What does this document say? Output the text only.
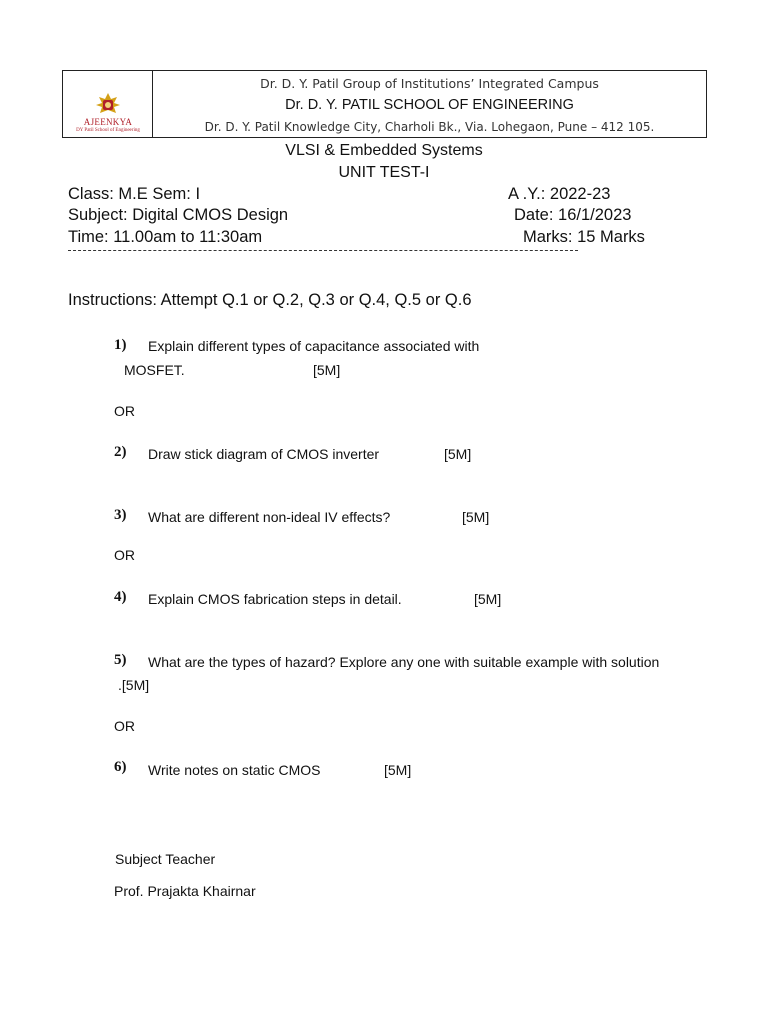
AJEENKYA
DY Patil School of Engineering
Dr. D. Y. Patil Group of Institutions’ Integrated Campus
Dr. D. Y. PATIL SCHOOL OF ENGINEERING
Dr. D. Y. Patil Knowledge City, Charholi Bk., Via. Lohegaon, Pune – 412 105.
VLSI & Embedded Systems
UNIT TEST-I
Class: M.E Sem: I	A .Y.: 2022-23
Subject: Digital CMOS Design	Date: 16/1/2023
Time: 11.00am to 11:30am	Marks: 15 Marks
Instructions: Attempt Q.1 or Q.2, Q.3 or Q.4, Q.5 or Q.6
1) Explain different types of capacitance associated with
MOSFET.	[5M]
OR
2) Draw stick diagram of CMOS inverter	[5M]
3) What are different non-ideal IV effects?	[5M]
OR
4) Explain CMOS fabrication steps in detail.	[5M]
5) What are the types of hazard? Explore any one with suitable example with solution
.[5M]
OR
6) Write notes on static CMOS	[5M]
Subject Teacher
Prof. Prajakta Khairnar
